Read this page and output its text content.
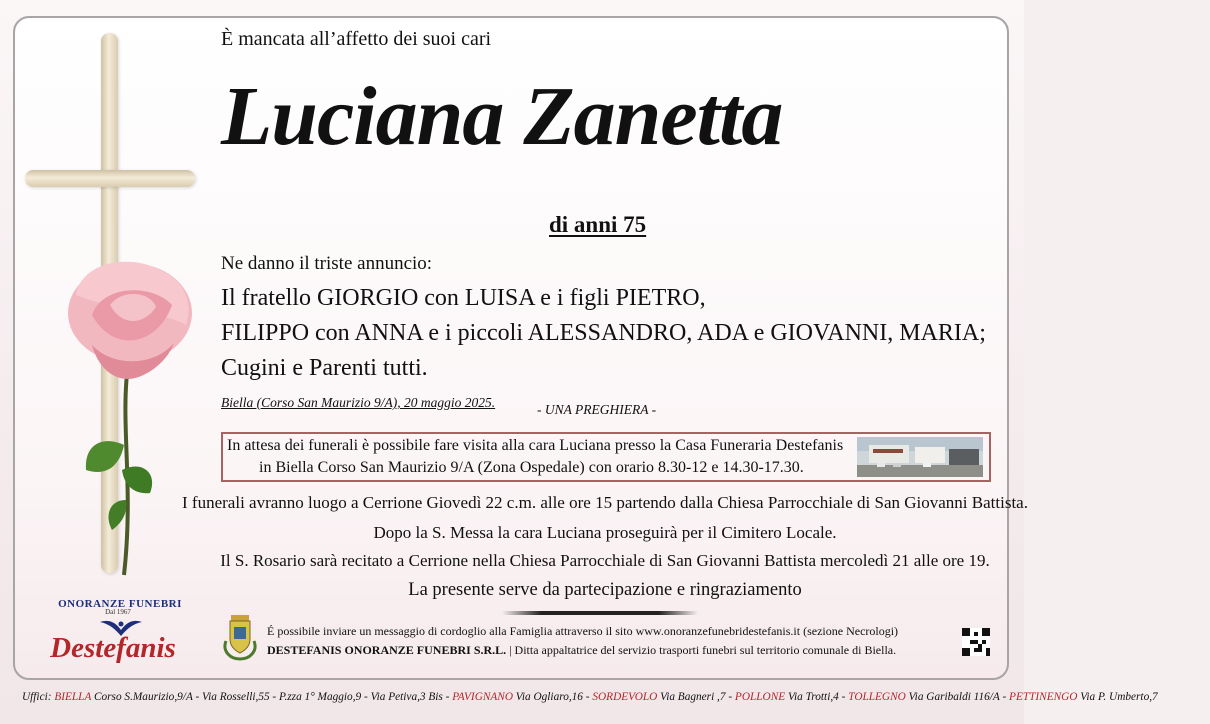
ONORANZE FUNEBRI
Dal 1967
Destefanis
È mancata all’affetto dei suoi cari
Luciana Zanetta
di anni 75
Ne danno il triste annuncio:
Il fratello GIORGIO con LUISA e i figli PIETRO,
FILIPPO con ANNA e i piccoli ALESSANDRO, ADA e GIOVANNI, MARIA;
Cugini e Parenti tutti.
Biella (Corso San Maurizio 9/A), 20 maggio 2025.	- UNA PREGHIERA -
In attesa dei funerali è possibile fare visita alla cara Luciana presso la Casa Funeraria Destefanis
in Biella Corso San Maurizio 9/A (Zona Ospedale) con orario 8.30-12 e 14.30-17.30.
I funerali avranno luogo a Cerrione Giovedì 22 c.m. alle ore 15 partendo dalla Chiesa Parrocchiale di San Giovanni Battista.
Dopo la S. Messa la cara Luciana proseguirà per il Cimitero Locale.
Il S. Rosario sarà recitato a Cerrione nella Chiesa Parrocchiale di San Giovanni Battista mercoledì 21 alle ore 19.
La presente serve da partecipazione e ringraziamento
É possibile inviare un messaggio di cordoglio alla Famiglia attraverso il sito www.onoranzefunebridestefanis.it (sezione Necrologi)
DESTEFANIS ONORANZE FUNEBRI S.R.L. | Ditta appaltatrice del servizio trasporti funebri sul territorio comunale di Biella.
Uffici: BIELLA Corso S.Maurizio,9/A - Via Rosselli,55 - P.zza 1° Maggio,9 - Via Petiva,3 Bis - PAVIGNANO Via Ogliaro,16 - SORDEVOLO Via Bagneri ,7 - POLLONE Via Trotti,4 - TOLLEGNO Via Garibaldi 116/A - PETTINENGO Via P. Umberto,7
